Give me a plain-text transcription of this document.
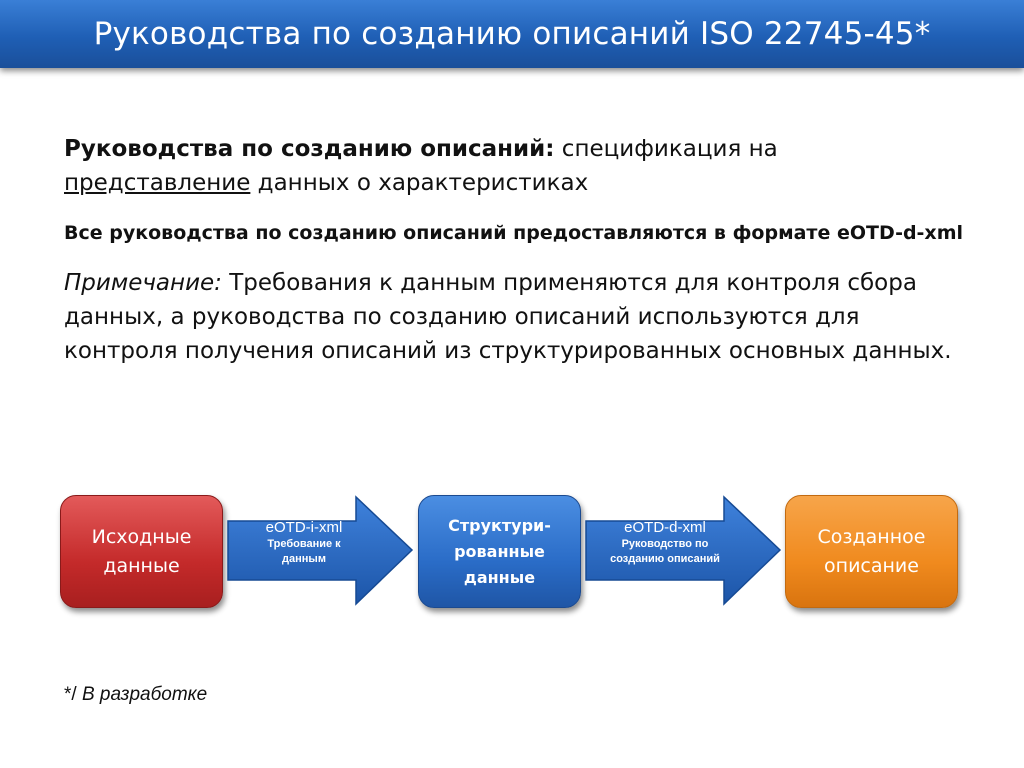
Руководства по созданию описаний ISO 22745-45*

Руководства по созданию описаний: спецификация на представление данных о характеристиках

Все руководства по созданию описаний предоставляются в формате eOTD-d-xml

Примечание: Требования к данным применяются для контроля сбора данных, а руководства по созданию описаний используются для контроля получения описаний из структурированных основных данных.

Исходные
данные
eOTD-i-xml
Требование к
данным
Структури-
рованные
данные
eOTD-d-xml
Руководство по
созданию описаний
Созданное
описание
*/ В разработке
